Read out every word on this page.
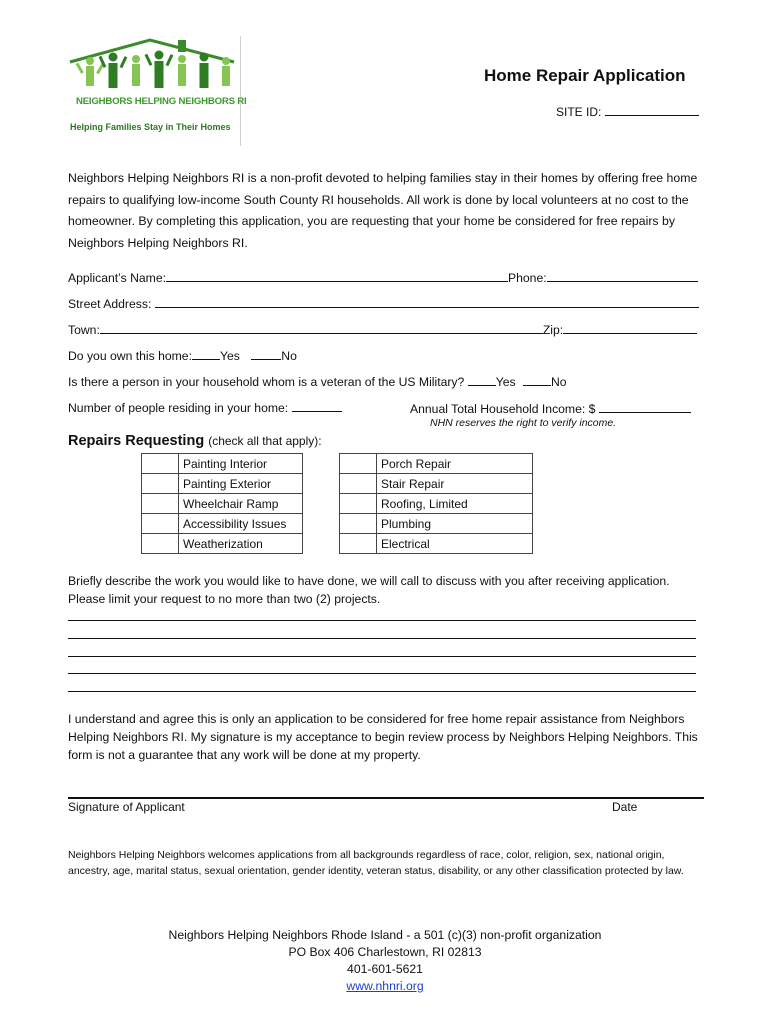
NEIGHBORS HELPING NEIGHBORS RI
Helping Families Stay in Their Homes
Home Repair Application
SITE ID:
Neighbors Helping Neighbors RI is a non-profit devoted to helping families stay in their homes by offering free home repairs to qualifying low-income South County RI households. All work is done by local volunteers at no cost to the homeowner. By completing this application, you are requesting that your home be considered for free repairs by Neighbors Helping Neighbors RI.
Applicant’s Name:	Phone:
Street Address:
Town:	Zip:
Do you own this home: Yes	No
Is there a person in your household whom is a veteran of the US Military?	Yes	No
Number of people residing in your home:	Annual Total Household Income: $
NHN reserves the right to verify income.
Repairs Requesting (check all that apply):
	Painting Interior
	Painting Exterior
	Wheelchair Ramp
	Accessibility Issues
	Weatherization
	Porch Repair
	Stair Repair
	Roofing, Limited
	Plumbing
	Electrical
Briefly describe the work you would like to have done, we will call to discuss with you after receiving application. Please limit your request to no more than two (2) projects.
I understand and agree this is only an application to be considered for free home repair assistance from Neighbors Helping Neighbors RI. My signature is my acceptance to begin review process by Neighbors Helping Neighbors. This form is not a guarantee that any work will be done at my property.
Signature of Applicant	Date
Neighbors Helping Neighbors welcomes applications from all backgrounds regardless of race, color, religion, sex, national origin, ancestry, age, marital status, sexual orientation, gender identity, veteran status, disability, or any other classification protected by law.
Neighbors Helping Neighbors Rhode Island - a 501 (c)(3) non-profit organization
PO Box 406 Charlestown, RI 02813
401-601-5621
www.nhnri.org
